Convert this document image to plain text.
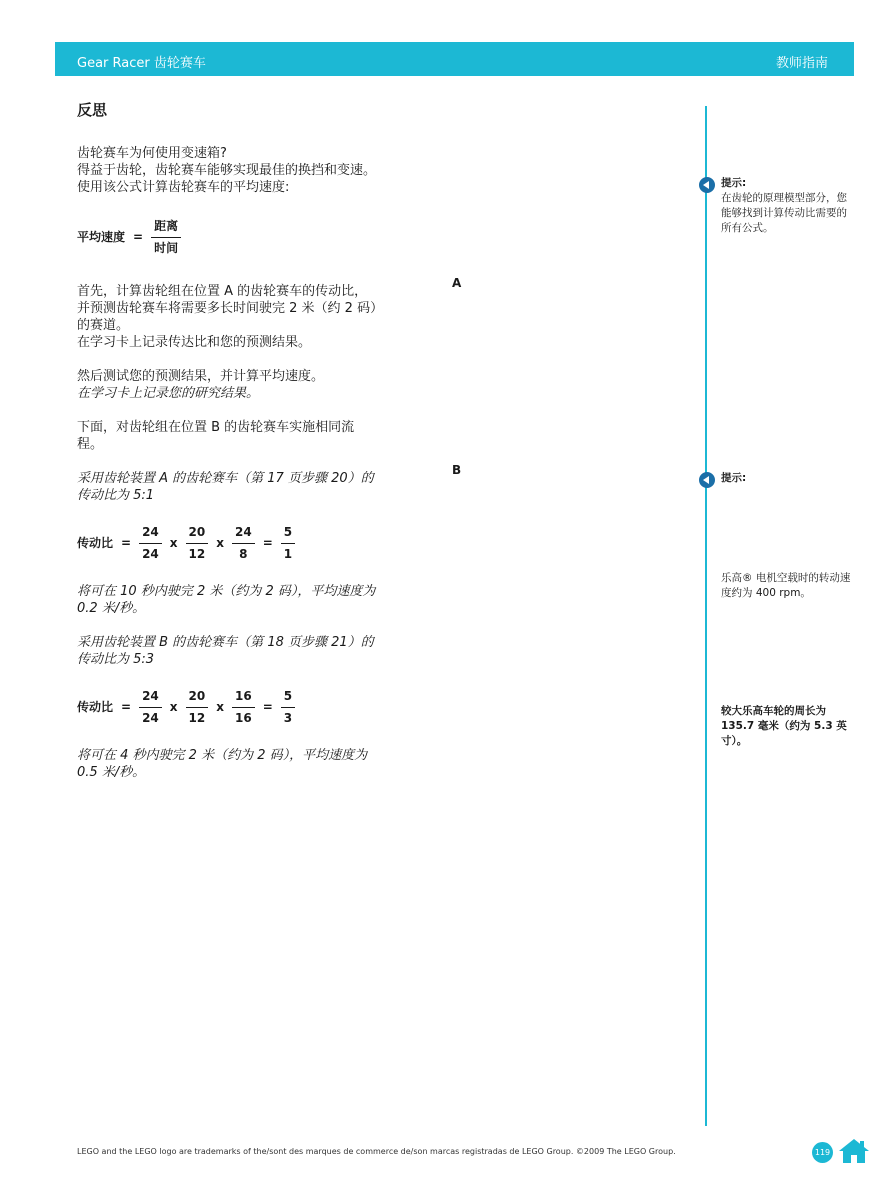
Gear Racer 齿轮赛车	教师指南
反思

齿轮赛车为何使用变速箱?

得益于齿轮，齿轮赛车能够实现最佳的换挡和变速。

使用该公式计算齿轮赛车的平均速度:

平均速度 = $\frac{\text{距离}}{\text{时间}}$

首先，计算齿轮组在位置 A 的齿轮赛车的传动比，并预测齿轮赛车将需要多长时间驶完 2 米（约 2 码）的赛道。

在学习卡上记录传达比和您的预测结果。

然后测试您的预测结果，并计算平均速度。

在学习卡上记录您的研究结果。

下面，对齿轮组在位置 B 的齿轮赛车实施相同流程。

采用齿轮装置 A 的齿轮赛车（第 17 页步骤 20）的传动比为 5:1

传动比 = $\frac{24}{24}$ x $\frac{20}{12}$ x $\frac{24}{8} = \frac{5}{1}$

将可在 10 秒内驶完 2 米（约为 2 码），平均速度为 0.2 米/秒。

采用齿轮装置 B 的齿轮赛车（第 18 页步骤 21）的传动比为 5:3

传动比 = $\frac{24}{24}$ x $\frac{20}{12}$ x $\frac{16}{16} = \frac{5}{3}$

将可在 4 秒内驶完 2 米（约为 2 码），平均速度为 0.5 米/秒。

A
B
提示:
在齿轮的原理模型部分，您能够找到计算传动比需要的所有公式。
提示:
乐高® 电机空载时的转动速度约为 400 rpm。
较大乐高车轮的周长为 135.7 毫米（约为 5.3 英寸）。
LEGO and the LEGO logo are trademarks of the/sont des marques de commerce de/son marcas registradas de LEGO Group. ©2009 The LEGO Group.	119
